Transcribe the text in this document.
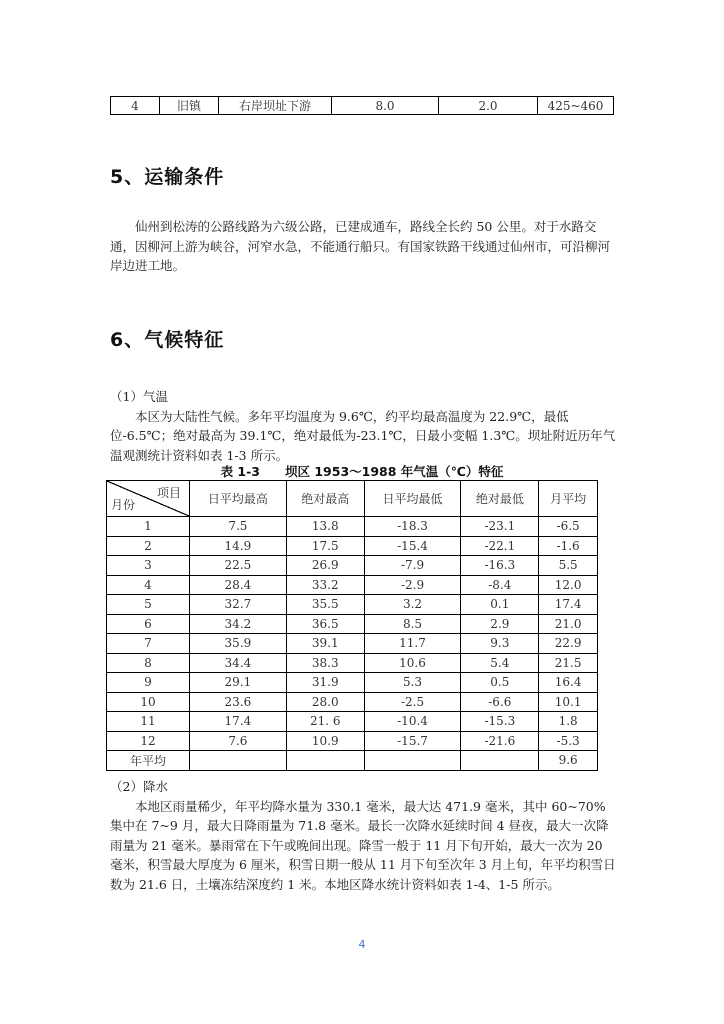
4	旧镇	右岸坝址下游	8.0	2.0	425~460
5、运输条件

仙州到松涛的公路线路为六级公路，已建成通车，路线全长约 50 公里。对于水路交通，因柳河上游为峡谷，河窄水急，不能通行船只。有国家铁路干线通过仙州市，可沿柳河岸边进工地。

6、气候特征

（1）气温

本区为大陆性气候。多年平均温度为 9.6℃，约平均最高温度为 22.9℃，最低位-6.5℃；绝对最高为 39.1℃，绝对最低为-23.1℃，日最小变幅 1.3℃。坝址附近历年气温观测统计资料如表 1-3 所示。

表 1-3　　坝区 1953～1988 年气温（℃）特征
项目
月份	日平均最高	绝对最高	日平均最低	绝对最低	月平均
1	7.5	13.8	-18.3	-23.1	-6.5
2	14.9	17.5	-15.4	-22.1	-1.6
3	22.5	26.9	-7.9	-16.3	5.5
4	28.4	33.2	-2.9	-8.4	12.0
5	32.7	35.5	3.2	0.1	17.4
6	34.2	36.5	8.5	2.9	21.0
7	35.9	39.1	11.7	9.3	22.9
8	34.4	38.3	10.6	5.4	21.5
9	29.1	31.9	5.3	0.5	16.4
10	23.6	28.0	-2.5	-6.6	10.1
11	17.4	21. 6	-10.4	-15.3	1.8
12	7.6	10.9	-15.7	-21.6	-5.3
年平均					9.6

（2）降水

本地区雨量稀少，年平均降水量为 330.1 毫米，最大达 471.9 毫米，其中 60~70%集中在 7~9 月，最大日降雨量为 71.8 毫米。最长一次降水延续时间 4 昼夜，最大一次降雨量为 21 毫米。暴雨常在下午或晚间出现。降雪一般于 11 月下旬开始，最大一次为 20 毫米，积雪最大厚度为 6 厘米，积雪日期一般从 11 月下旬至次年 3 月上旬，年平均积雪日数为 21.6 日，土壤冻结深度约 1 米。本地区降水统计资料如表 1-4、1-5 所示。

4
